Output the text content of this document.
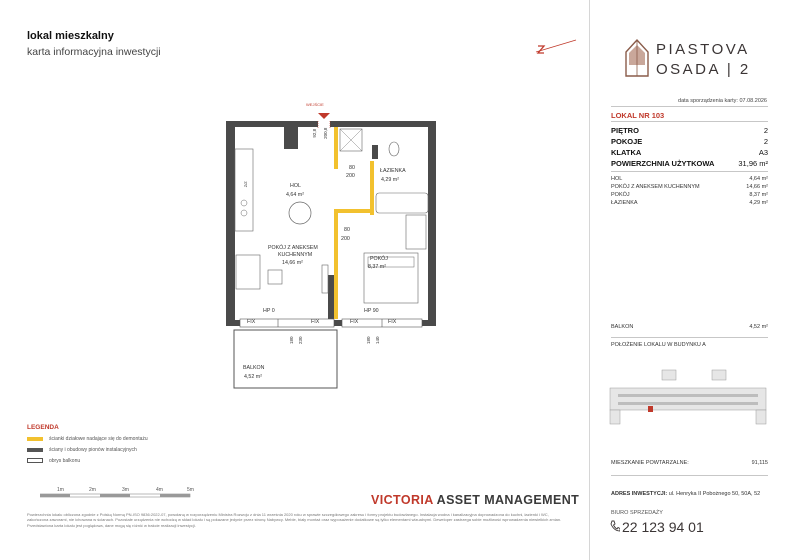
lokal mieszkalny
karta informacyjna inwestycji	PIASTOVA
OSADA | 2
data sporządzenia karty: 07.08.2026
LOKAL NR 103
PIĘTRO	2
POKOJE	2
KLATKA	A3
POWIERZCHNIA UŻYTKOWA	31,96 m²
HOL	4,64 m²
POKÓJ Z ANEKSEM KUCHENNYM	14,66 m²
POKÓJ	8,37 m²
ŁAZIENKA	4,29 m²
BALKON	4,52 m²
POŁOŻENIE LOKALU W BUDYNKU A
MIESZKANIE POWTARZALNE:	91,115
ADRES INWESTYCJI: ul. Henryka II Pobożnego 50, 50A, 52
BIURO SPRZEDAŻY
22 123 94 01
WEJŚCIE
92,8	200,8
HOL
4,64 m²
ŁAZIENKA
4,29 m²
80
200
80
200
POKÓJ Z ANEKSEM
KUCHENNYM
14,66 m²
POKÓJ
8,37 m²
HP 0	HP 90
FIX	FIX	FIX	FIX
180 230	180 140
BALKON
4,52 m²
Z/Z
LEGENDA
ścianki działowe nadające się do demontażu
ściany i obudowy pionów instalacyjnych
obrys balkonu
1m	2m	3m	4m	5m
VICTORIA ASSET MANAGEMENT
Powierzchnia lokalu obliczona zgodnie z Polską Normą PN-ISO 9836:2022-07, powołaną w rozporządzeniu Ministra Rozwoju z dnia 11 września 2020 roku w sprawie szczegółowego zakresu i formy projektu budowlanego. Instalacja wodna i kanalizacyjna doprowadzona do kuchni, łazienki i WC, zakończona zaworami, nie ichowana w ścianach. Pozostałe urządzenia nie wchodzą w skład lokalu i są pokazane jedynie przez stronę Nabywcy. Meble, biały montaż oraz wyposażenie dodatkowe są tylko elementami wizualnymi. Deweloper zastrzega sobie możliwość wprowadzenia niewielkich zmian. Przedstawiona karta lokalu jest poglądowa, dane mogą się różnić w trakcie realizacji inwestycji.
